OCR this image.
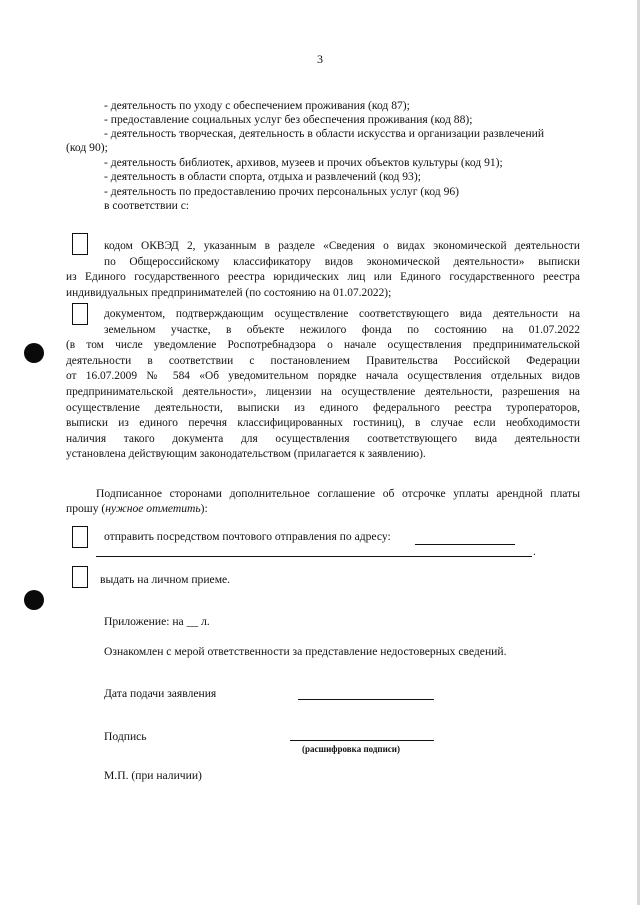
3
- деятельность по уходу с обеспечением проживания (код 87);
- предоставление социальных услуг без обеспечения проживания (код 88);
- деятельность творческая, деятельность в области искусства и организации развлечений
(код 90);
- деятельность библиотек, архивов, музеев и прочих объектов культуры (код 91);
- деятельность в области спорта, отдыха и развлечений (код 93);
- деятельность по предоставлению прочих персональных услуг (код 96)
в соответствии с:
кодом ОКВЭД 2, указанным в разделе «Сведения о видах экономической деятельности
по Общероссийскому классификатору видов экономической деятельности» выписки
из Единого государственного реестра юридических лиц или Единого государственного реестра
индивидуальных предпринимателей (по состоянию на 01.07.2022);
документом, подтверждающим осуществление соответствующего вида деятельности на
земельном участке, в объекте нежилого фонда по состоянию на 01.07.2022
(в том числе уведомление Роспотребнадзора о начале осуществления предпринимательской
деятельности в соответствии с постановлением Правительства Российской Федерации
от 16.07.2009 № 584 «Об уведомительном порядке начала осуществления отдельных видов
предпринимательской деятельности», лицензии на осуществление деятельности, разрешения на
осуществление деятельности, выписки из единого федерального реестра туроператоров,
выписки из единого перечня классифицированных гостиниц), в случае если необходимости
наличия такого документа для осуществления соответствующего вида деятельности
установлена действующим законодательством (прилагается к заявлению).
Подписанное сторонами дополнительное соглашение об отсрочке уплаты арендной платы
прошу (нужное отметить):
отправить посредством почтового отправления по адресу:
.
выдать на личном приеме.
Приложение: на __ л.
Ознакомлен с мерой ответственности за представление недостоверных сведений.
Дата подачи заявления
Подпись
(расшифровка подписи)
М.П. (при наличии)
